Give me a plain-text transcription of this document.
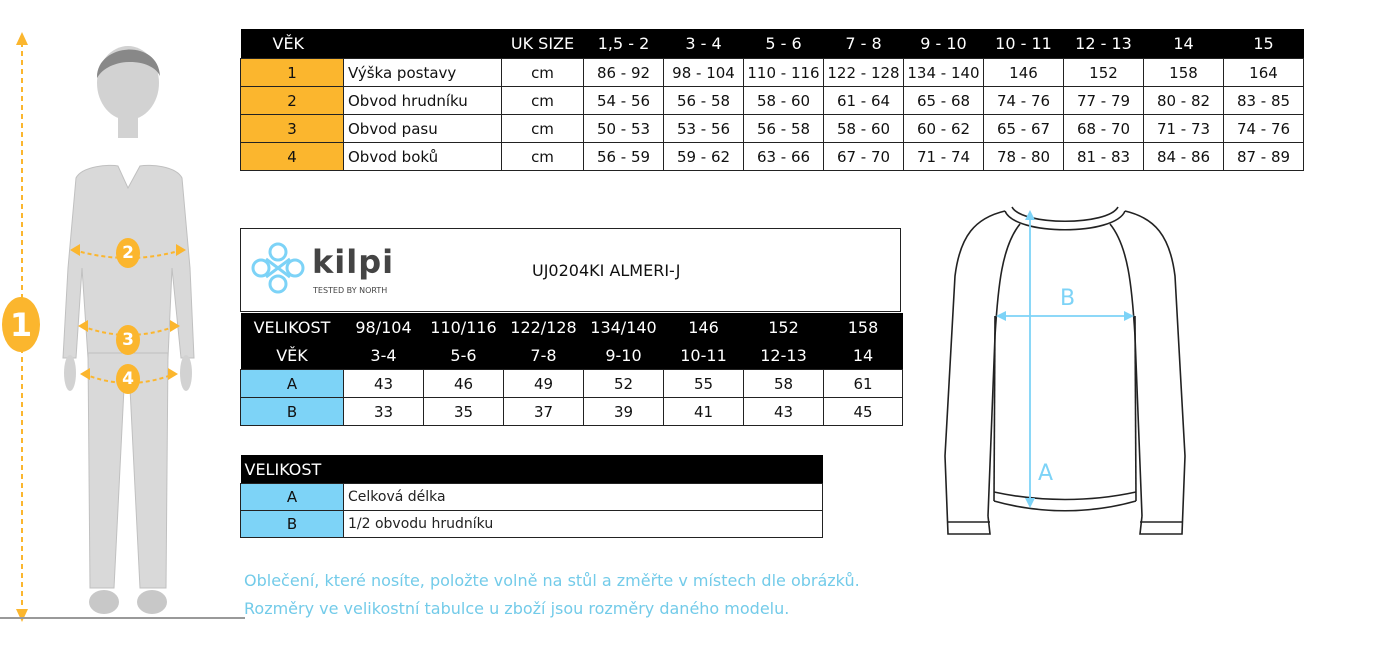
1
2
3
4
VĚK		UK SIZE	1,5 - 2	3 - 4	5 - 6	7 - 8	9 - 10	10 - 11	12 - 13	14	15
1	Výška postavy	cm	86 - 92	98 - 104	110 - 116	122 - 128	134 - 140	146	152	158	164
2	Obvod hrudníku	cm	54 - 56	56 - 58	58 - 60	61 - 64	65 - 68	74 - 76	77 - 79	80 - 82	83 - 85
3	Obvod pasu	cm	50 - 53	53 - 56	56 - 58	58 - 60	60 - 62	65 - 67	68 - 70	71 - 73	74 - 76
4	Obvod boků	cm	56 - 59	59 - 62	63 - 66	67 - 70	71 - 74	78 - 80	81 - 83	84 - 86	87 - 89
kilpi
TESTED BY NORTH
UJ0204KI ALMERI-J
VELIKOST	98/104	110/116	122/128	134/140	146	152	158
VĚK	3-4	5-6	7-8	9-10	10-11	12-13	14
A	43	46	49	52	55	58	61
B	33	35	37	39	41	43	45
VELIKOST	
A	Celková délka
B	1/2 obvodu hrudníku
Oblečení, které nosíte, položte volně na stůl a změřte v místech dle obrázků.
Rozměry ve velikostní tabulce u zboží jsou rozměry daného modelu.
B
A
